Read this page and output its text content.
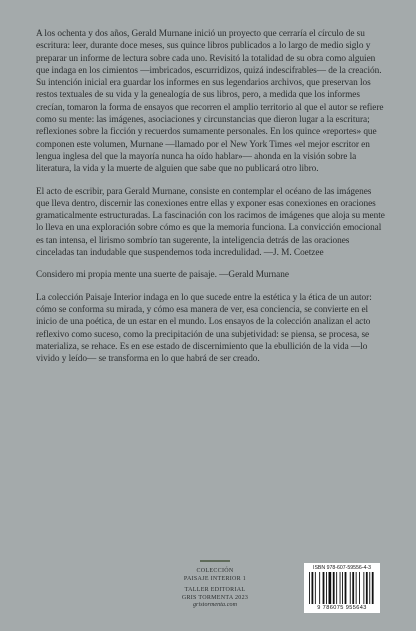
A los ochenta y dos años, Gerald Murnane inició un proyecto que cerraría el círculo de su escritura: leer, durante doce meses, sus quince libros publicados a lo largo de medio siglo y preparar un informe de lectura sobre cada uno. Revisitó la totalidad de su obra como alguien que indaga en los cimientos —imbricados, escurridizos, quizá indescifrables— de la creación. Su intención inicial era guardar los informes en sus legendarios archivos, que preservan los restos textuales de su vida y la genealogía de sus libros, pero, a medida que los informes crecían, tomaron la forma de ensayos que recorren el amplio territorio al que el autor se refiere como su mente: las imágenes, asociaciones y circunstancias que dieron lugar a la escritura; reflexiones sobre la ficción y recuerdos sumamente personales. En los quince «reportes» que componen este volumen, Murnane —llamado por el New York Times «el mejor escritor en lengua inglesa del que la mayoría nunca ha oído hablar»— ahonda en la visión sobre la literatura, la vida y la muerte de alguien que sabe que no publicará otro libro.

El acto de escribir, para Gerald Murnane, consiste en contemplar el océano de las imágenes que lleva dentro, discernir las conexiones entre ellas y exponer esas conexiones en oraciones gramaticalmente estructuradas. La fascinación con los racimos de imágenes que aloja su mente lo lleva en una exploración sobre cómo es que la memoria funciona. La convicción emocional es tan intensa, el lirismo sombrío tan sugerente, la inteligencia detrás de las oraciones cinceladas tan indudable que suspendemos toda incredulidad. —J. M. Coetzee

Considero mi propia mente una suerte de paisaje. —Gerald Murnane

La colección Paisaje Interior indaga en lo que sucede entre la estética y la ética de un autor: cómo se conforma su mirada, y cómo esa manera de ver, esa conciencia, se convierte en el inicio de una poética, de un estar en el mundo. Los ensayos de la colección analizan el acto reflexivo como suceso, como la precipitación de una subjetividad: se piensa, se procesa, se materializa, se rehace. Es en ese estado de discernimiento que la ebullición de la vida —lo vivido y leído— se transforma en lo que habrá de ser creado.

COLECCIÓN
PAISAJE INTERIOR 1
TALLER EDITORIAL
GRIS TORMENTA 2023
gristormenta.com
ISBN 978-607-59556-4-3
9 786075 955643
